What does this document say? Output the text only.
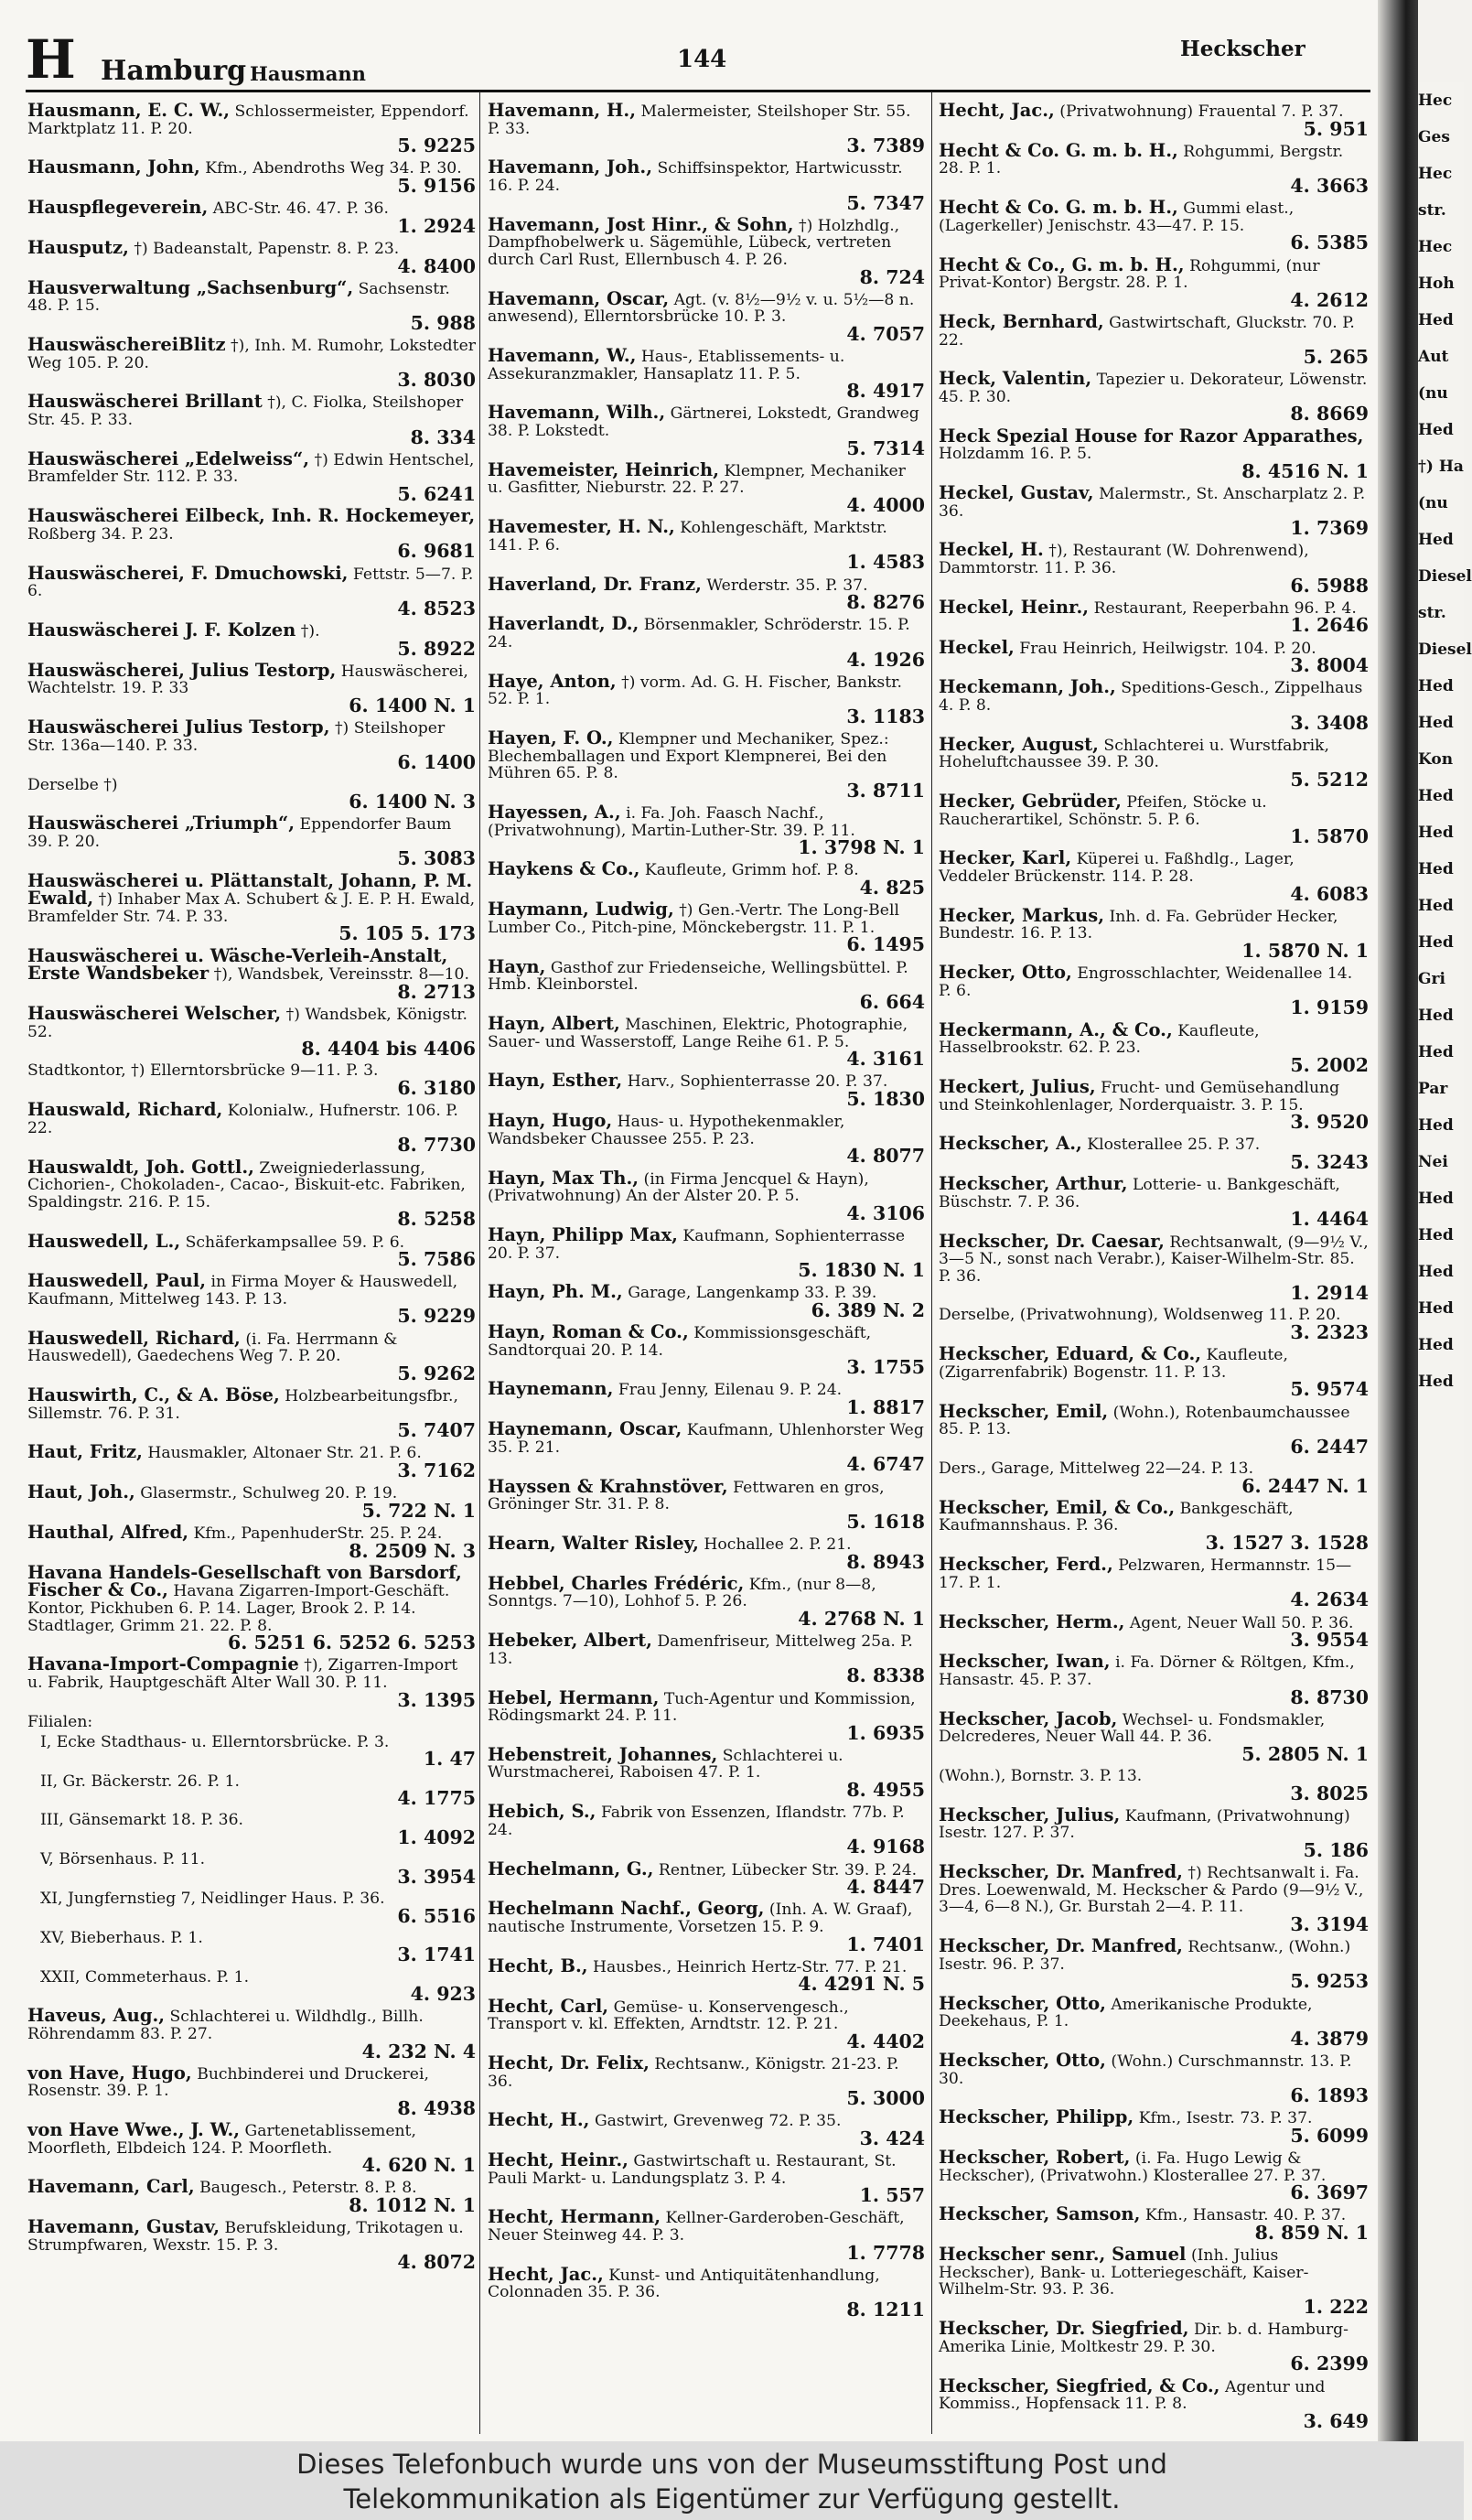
H Hamburg Hausmann
144	Heckscher
Hausmann, E. C. W., Schlossermeister, Eppendorf. Marktplatz 11. P. 20.
5. 9225
Hausmann, John, Kfm., Abendroths Weg 34. P. 30.
5. 9156
Hauspflegeverein, ABC-Str. 46. 47. P. 36.
1. 2924
Hausputz, †) Badeanstalt, Papenstr. 8. P. 23.
4. 8400
Hausverwaltung „Sachsenburg“, Sachsenstr. 48. P. 15.
5. 988
HauswäschereiBlitz †), Inh. M. Rumohr, Lokstedter Weg 105. P. 20.
3. 8030
Hauswäscherei Brillant †), C. Fiolka, Steilshoper Str. 45. P. 33.
8. 334
Hauswäscherei „Edelweiss“, †) Edwin Hentschel, Bramfelder Str. 112. P. 33.
5. 6241
Hauswäscherei Eilbeck, Inh. R. Hockemeyer, Roßberg 34. P. 23.
6. 9681
Hauswäscherei, F. Dmuchowski, Fettstr. 5—7. P. 6.
4. 8523
Hauswäscherei J. F. Kolzen †).
5. 8922
Hauswäscherei, Julius Testorp, Hauswäscherei, Wachtelstr. 19. P. 33
6. 1400 N. 1
Hauswäscherei Julius Testorp, †) Steilshoper Str. 136a—140. P. 33.
6. 1400
Derselbe †)
6. 1400 N. 3
Hauswäscherei „Triumph“, Eppendorfer Baum 39. P. 20.
5. 3083
Hauswäscherei u. Plättanstalt, Johann, P. M. Ewald, †) Inhaber Max A. Schubert & J. E. P. H. Ewald, Bramfelder Str. 74. P. 33.
5. 105 5. 173
Hauswäscherei u. Wäsche-Verleih-Anstalt, Erste Wandsbeker †), Wandsbek, Vereinsstr. 8—10.
8. 2713
Hauswäscherei Welscher, †) Wandsbek, Königstr. 52.
8. 4404 bis 4406
Stadtkontor, †) Ellerntorsbrücke 9—11. P. 3.
6. 3180
Hauswald, Richard, Kolonialw., Hufnerstr. 106. P. 22.
8. 7730
Hauswaldt, Joh. Gottl., Zweigniederlassung, Cichorien-, Chokoladen-, Cacao-, Biskuit-etc. Fabriken, Spaldingstr. 216. P. 15.
8. 5258
Hauswedell, L., Schäferkampsallee 59. P. 6.
5. 7586
Hauswedell, Paul, in Firma Moyer & Hauswedell, Kaufmann, Mittelweg 143. P. 13.
5. 9229
Hauswedell, Richard, (i. Fa. Herrmann & Hauswedell), Gaedechens Weg 7. P. 20.
5. 9262
Hauswirth, C., & A. Böse, Holzbearbeitungsfbr., Sillemstr. 76. P. 31.
5. 7407
Haut, Fritz, Hausmakler, Altonaer Str. 21. P. 6.
3. 7162
Haut, Joh., Glasermstr., Schulweg 20. P. 19.
5. 722 N. 1
Hauthal, Alfred, Kfm., PapenhuderStr. 25. P. 24.
8. 2509 N. 3
Havana Handels-Gesellschaft von Barsdorf, Fischer & Co., Havana Zigarren-Import-Geschäft. Kontor, Pickhuben 6. P. 14. Lager, Brook 2. P. 14. Stadtlager, Grimm 21. 22. P. 8.
6. 5251 6. 5252 6. 5253
Havana-Import-Compagnie †), Zigarren-Import u. Fabrik, Hauptgeschäft Alter Wall 30. P. 11.
3. 1395
Filialen:
I, Ecke Stadthaus- u. Ellerntorsbrücke. P. 3.
1. 47
II, Gr. Bäckerstr. 26. P. 1.
4. 1775
III, Gänsemarkt 18. P. 36.
1. 4092
V, Börsenhaus. P. 11.
3. 3954
XI, Jungfernstieg 7, Neidlinger Haus. P. 36.
6. 5516
XV, Bieberhaus. P. 1.
3. 1741
XXII, Commeterhaus. P. 1.
4. 923
Haveus, Aug., Schlachterei u. Wildhdlg., Billh. Röhrendamm 83. P. 27.
4. 232 N. 4
von Have, Hugo, Buchbinderei und Druckerei, Rosenstr. 39. P. 1.
8. 4938
von Have Wwe., J. W., Gartenetablissement, Moorfleth, Elbdeich 124. P. Moorfleth.
4. 620 N. 1
Havemann, Carl, Baugesch., Peterstr. 8. P. 8.
8. 1012 N. 1
Havemann, Gustav, Berufskleidung, Trikotagen u. Strumpfwaren, Wexstr. 15. P. 3.
4. 8072
Havemann, H., Malermeister, Steilshoper Str. 55. P. 33.
3. 7389
Havemann, Joh., Schiffsinspektor, Hartwicusstr. 16. P. 24.
5. 7347
Havemann, Jost Hinr., & Sohn, †) Holzhdlg., Dampfhobelwerk u. Sägemühle, Lübeck, vertreten durch Carl Rust, Ellernbusch 4. P. 26.
8. 724
Havemann, Oscar, Agt. (v. 8½—9½ v. u. 5½—8 n. anwesend), Ellerntorsbrücke 10. P. 3.
4. 7057
Havemann, W., Haus-, Etablissements- u. Assekuranzmakler, Hansaplatz 11. P. 5.
8. 4917
Havemann, Wilh., Gärtnerei, Lokstedt, Grandweg 38. P. Lokstedt.
5. 7314
Havemeister, Heinrich, Klempner, Mechaniker u. Gasfitter, Nieburstr. 22. P. 27.
4. 4000
Havemester, H. N., Kohlengeschäft, Marktstr. 141. P. 6.
1. 4583
Haverland, Dr. Franz, Werderstr. 35. P. 37.
8. 8276
Haverlandt, D., Börsenmakler, Schröderstr. 15. P. 24.
4. 1926
Haye, Anton, †) vorm. Ad. G. H. Fischer, Bankstr. 52. P. 1.
3. 1183
Hayen, F. O., Klempner und Mechaniker, Spez.: Blechemballagen und Export Klempnerei, Bei den Mühren 65. P. 8.
3. 8711
Hayessen, A., i. Fa. Joh. Faasch Nachf., (Privatwohnung), Martin-Luther-Str. 39. P. 11.
1. 3798 N. 1
Haykens & Co., Kaufleute, Grimm hof. P. 8.
4. 825
Haymann, Ludwig, †) Gen.-Vertr. The Long-Bell Lumber Co., Pitch-pine, Mönckebergstr. 11. P. 1.
6. 1495
Hayn, Gasthof zur Friedenseiche, Wellingsbüttel. P. Hmb. Kleinborstel.
6. 664
Hayn, Albert, Maschinen, Elektric, Photographie, Sauer- und Wasserstoff, Lange Reihe 61. P. 5.
4. 3161
Hayn, Esther, Harv., Sophienterrasse 20. P. 37.
5. 1830
Hayn, Hugo, Haus- u. Hypothekenmakler, Wandsbeker Chaussee 255. P. 23.
4. 8077
Hayn, Max Th., (in Firma Jencquel & Hayn), (Privatwohnung) An der Alster 20. P. 5.
4. 3106
Hayn, Philipp Max, Kaufmann, Sophienterrasse 20. P. 37.
5. 1830 N. 1
Hayn, Ph. M., Garage, Langenkamp 33. P. 39.
6. 389 N. 2
Hayn, Roman & Co., Kommissionsgeschäft, Sandtorquai 20. P. 14.
3. 1755
Haynemann, Frau Jenny, Eilenau 9. P. 24.
1. 8817
Haynemann, Oscar, Kaufmann, Uhlenhorster Weg 35. P. 21.
4. 6747
Hayssen & Krahnstöver, Fettwaren en gros, Gröninger Str. 31. P. 8.
5. 1618
Hearn, Walter Risley, Hochallee 2. P. 21.
8. 8943
Hebbel, Charles Frédéric, Kfm., (nur 8—8, Sonntgs. 7—10), Lohhof 5. P. 26.
4. 2768 N. 1
Hebeker, Albert, Damenfriseur, Mittelweg 25a. P. 13.
8. 8338
Hebel, Hermann, Tuch-Agentur und Kommission, Rödingsmarkt 24. P. 11.
1. 6935
Hebenstreit, Johannes, Schlachterei u. Wurstmacherei, Raboisen 47. P. 1.
8. 4955
Hebich, S., Fabrik von Essenzen, Iflandstr. 77b. P. 24.
4. 9168
Hechelmann, G., Rentner, Lübecker Str. 39. P. 24.
4. 8447
Hechelmann Nachf., Georg, (Inh. A. W. Graaf), nautische Instrumente, Vorsetzen 15. P. 9.
1. 7401
Hecht, B., Hausbes., Heinrich Hertz-Str. 77. P. 21.
4. 4291 N. 5
Hecht, Carl, Gemüse- u. Konservengesch., Transport v. kl. Effekten, Arndtstr. 12. P. 21.
4. 4402
Hecht, Dr. Felix, Rechtsanw., Königstr. 21-23. P. 36.
5. 3000
Hecht, H., Gastwirt, Grevenweg 72. P. 35.
3. 424
Hecht, Heinr., Gastwirtschaft u. Restaurant, St. Pauli Markt- u. Landungsplatz 3. P. 4.
1. 557
Hecht, Hermann, Kellner-Garderoben-Geschäft, Neuer Steinweg 44. P. 3.
1. 7778
Hecht, Jac., Kunst- und Antiquitätenhandlung, Colonnaden 35. P. 36.
8. 1211
Hecht, Jac., (Privatwohnung) Frauental 7. P. 37.
5. 951
Hecht & Co. G. m. b. H., Rohgummi, Bergstr. 28. P. 1.
4. 3663
Hecht & Co. G. m. b. H., Gummi elast., (Lagerkeller) Jenischstr. 43—47. P. 15.
6. 5385
Hecht & Co., G. m. b. H., Rohgummi, (nur Privat-Kontor) Bergstr. 28. P. 1.
4. 2612
Heck, Bernhard, Gastwirtschaft, Gluckstr. 70. P. 22.
5. 265
Heck, Valentin, Tapezier u. Dekorateur, Löwenstr. 45. P. 30.
8. 8669
Heck Spezial House for Razor Apparathes, Holzdamm 16. P. 5.
8. 4516 N. 1
Heckel, Gustav, Malermstr., St. Anscharplatz 2. P. 36.
1. 7369
Heckel, H. †), Restaurant (W. Dohrenwend), Dammtorstr. 11. P. 36.
6. 5988
Heckel, Heinr., Restaurant, Reeperbahn 96. P. 4.
1. 2646
Heckel, Frau Heinrich, Heilwigstr. 104. P. 20.
3. 8004
Heckemann, Joh., Speditions-Gesch., Zippelhaus 4. P. 8.
3. 3408
Hecker, August, Schlachterei u. Wurstfabrik, Hoheluftchaussee 39. P. 30.
5. 5212
Hecker, Gebrüder, Pfeifen, Stöcke u. Raucherartikel, Schönstr. 5. P. 6.
1. 5870
Hecker, Karl, Küperei u. Faßhdlg., Lager, Veddeler Brückenstr. 114. P. 28.
4. 6083
Hecker, Markus, Inh. d. Fa. Gebrüder Hecker, Bundestr. 16. P. 13.
1. 5870 N. 1
Hecker, Otto, Engrosschlachter, Weidenallee 14. P. 6.
1. 9159
Heckermann, A., & Co., Kaufleute, Hasselbrookstr. 62. P. 23.
5. 2002
Heckert, Julius, Frucht- und Gemüsehandlung und Steinkohlenlager, Norderquaistr. 3. P. 15.
3. 9520
Heckscher, A., Klosterallee 25. P. 37.
5. 3243
Heckscher, Arthur, Lotterie- u. Bankgeschäft, Büschstr. 7. P. 36.
1. 4464
Heckscher, Dr. Caesar, Rechtsanwalt, (9—9½ V., 3—5 N., sonst nach Verabr.), Kaiser-Wilhelm-Str. 85. P. 36.
1. 2914
Derselbe, (Privatwohnung), Woldsenweg 11. P. 20.
3. 2323
Heckscher, Eduard, & Co., Kaufleute, (Zigarrenfabrik) Bogenstr. 11. P. 13.
5. 9574
Heckscher, Emil, (Wohn.), Rotenbaumchaussee 85. P. 13.
6. 2447
Ders., Garage, Mittelweg 22—24. P. 13.
6. 2447 N. 1
Heckscher, Emil, & Co., Bankgeschäft, Kaufmannshaus. P. 36.
3. 1527 3. 1528
Heckscher, Ferd., Pelzwaren, Hermannstr. 15—17. P. 1.
4. 2634
Heckscher, Herm., Agent, Neuer Wall 50. P. 36.
3. 9554
Heckscher, Iwan, i. Fa. Dörner & Röltgen, Kfm., Hansastr. 45. P. 37.
8. 8730
Heckscher, Jacob, Wechsel- u. Fondsmakler, Delcrederes, Neuer Wall 44. P. 36.
5. 2805 N. 1
(Wohn.), Bornstr. 3. P. 13.
3. 8025
Heckscher, Julius, Kaufmann, (Privatwohnung) Isestr. 127. P. 37.
5. 186
Heckscher, Dr. Manfred, †) Rechtsanwalt i. Fa. Dres. Loewenwald, M. Heckscher & Pardo (9—9½ V., 3—4, 6—8 N.), Gr. Burstah 2—4. P. 11.
3. 3194
Heckscher, Dr. Manfred, Rechtsanw., (Wohn.) Isestr. 96. P. 37.
5. 9253
Heckscher, Otto, Amerikanische Produkte, Deekehaus, P. 1.
4. 3879
Heckscher, Otto, (Wohn.) Curschmannstr. 13. P. 30.
6. 1893
Heckscher, Philipp, Kfm., Isestr. 73. P. 37.
5. 6099
Heckscher, Robert, (i. Fa. Hugo Lewig & Heckscher), (Privatwohn.) Klosterallee 27. P. 37.
6. 3697
Heckscher, Samson, Kfm., Hansastr. 40. P. 37.
8. 859 N. 1
Heckscher senr., Samuel (Inh. Julius Heckscher), Bank- u. Lotteriegeschäft, Kaiser-Wilhelm-Str. 93. P. 36.
1. 222
Heckscher, Dr. Siegfried, Dir. b. d. Hamburg-Amerika Linie, Moltkestr 29. P. 30.
6. 2399
Heckscher, Siegfried, & Co., Agentur und Kommiss., Hopfensack 11. P. 8.
3. 649
Hec
Ges
Hec
str.
Hec
Hoh
Hed
Aut
(nu
Hed
†) Ha
(nu
Hed
Diesel
str.
Diesel
Hed
Hed
Kon
Hed
Hed
Hed
Hed
Hed
Gri
Hed
Hed
Par
Hed
Nei
Hed
Hed
Hed
Hed
Hed
Hed
Dieses Telefonbuch wurde uns von der Museumsstiftung Post und
Telekommunikation als Eigentümer zur Verfügung gestellt.
